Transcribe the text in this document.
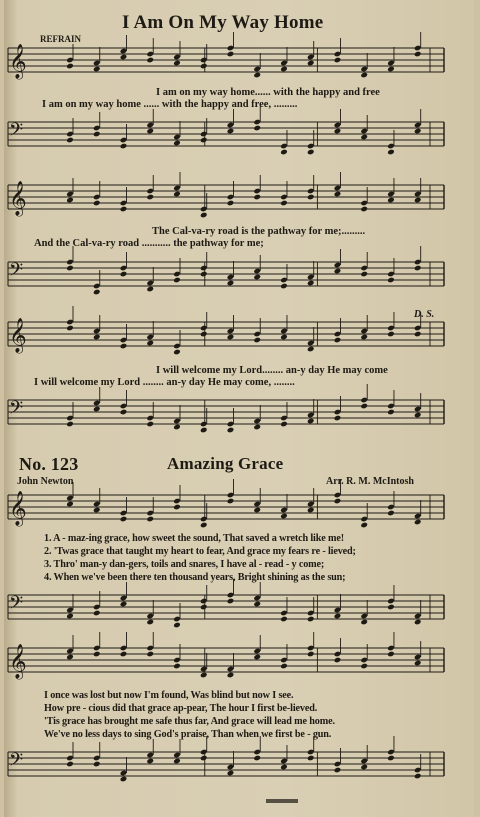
𝄞
𝄢
𝄞
𝄢
𝄞
𝄢
𝄞
𝄢
𝄞
𝄢
I Am On My Way Home
REFRAIN
I am on my way home...... with the happy and free
I am on my way home ...... with the happy and free, .........
The Cal-va-ry road is the pathway for me;.........
And the Cal-va-ry road ........... the pathway for me;
D. S.
I will welcome my Lord........ an-y day He may come
I will welcome my Lord ........ an-y day He may come, ........
No. 123	Amazing Grace
John Newton	Arr. R. M. McIntosh
1. A - maz-ing grace, how sweet the sound, That saved a wretch like me!
2. 'Twas grace that taught my heart to fear, And grace my fears re - lieved;
3. Thro' man-y dan-gers, toils and snares, I have al - read - y come;
4. When we've been there ten thousand years, Bright shining as the sun;
I once was lost but now I'm found, Was blind but now I see.
How pre - cious did that grace ap-pear, The hour I first be-lieved.
'Tis grace has brought me safe thus far, And grace will lead me home.
We've no less days to sing God's praise, Than when we first be - gun.
